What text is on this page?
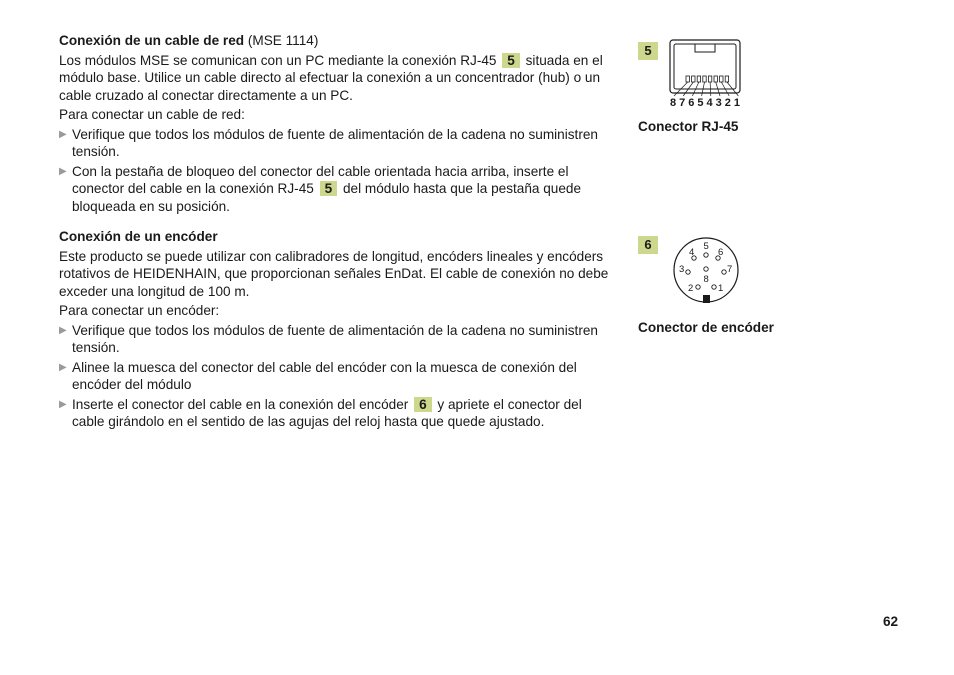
Conexión de un cable de red (MSE 1114)

Los módulos MSE se comunican con un PC mediante la conexión RJ-45 5 situada en el módulo base. Utilice un cable directo al efectuar la conexión a un concentrador (hub) o un cable cruzado al conectar directamente a un PC.

Para conectar un cable de red:

▶ Verifique que todos los módulos de fuente de alimentación de la cadena no suministren tensión.
▶ Con la pestaña de bloqueo del conector del cable orientada hacia arriba, inserte el conector del cable en la conexión RJ-45 5 del módulo hasta que la pestaña quede bloqueada en su posición.

Conexión de un encóder

Este producto se puede utilizar con calibradores de longitud, encóders lineales y encóders rotativos de HEIDENHAIN, que proporcionan señales EnDat. El cable de conexión no debe exceder una longitud de 100 m.

Para conectar un encóder:

▶ Verifique que todos los módulos de fuente de alimentación de la cadena no suministren tensión.
▶ Alinee la muesca del conector del cable del encóder con la muesca de conexión del encóder del módulo
▶ Inserte el conector del cable en la conexión del encóder 6 y apriete el conector del cable girándolo en el sentido de las agujas del reloj hasta que quede ajustado.
5
8 7 6 5 4 3 2 1
Conector RJ-45
6	5
4 6
3	7
8
2	1
Conector de encóder
62
